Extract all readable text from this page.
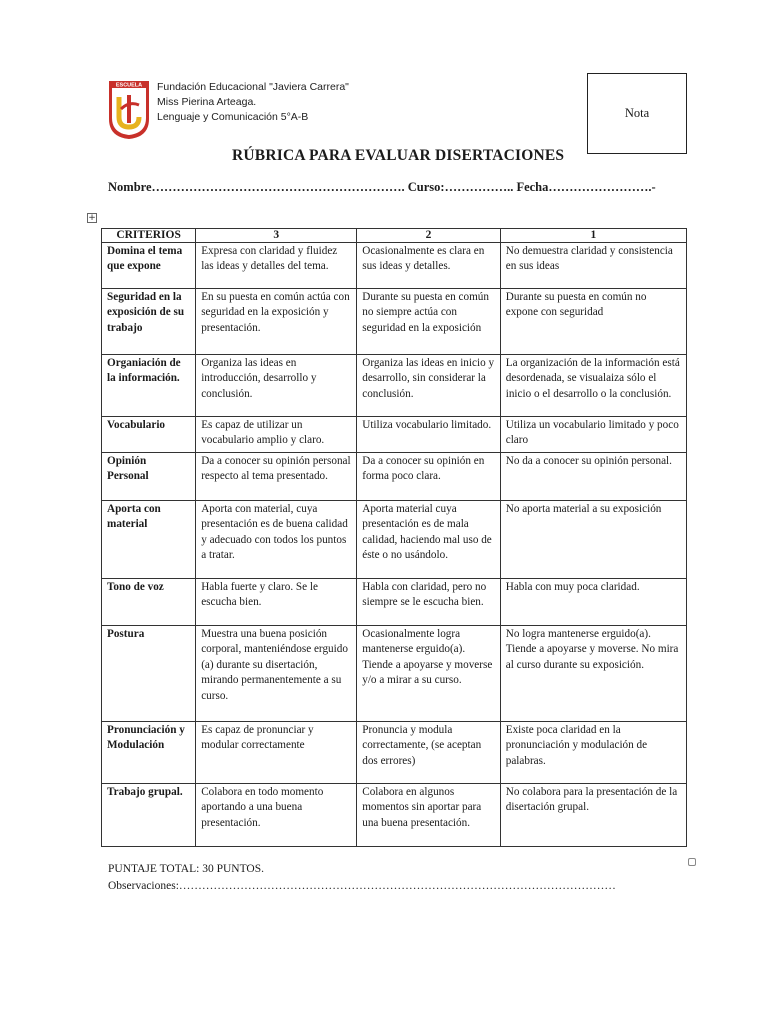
ESCUELA Fundación Educacional "Javiera Carrera"
Miss Pierina Arteaga.
Lenguaje y Comunicación 5°A-B	Nota
RÚBRICA PARA EVALUAR DISERTACIONES
Nombre……………………………………………………. Curso:…………….. Fecha…………………….-
+
CRITERIOS	3	2	1
Domina el tema que expone	Expresa con claridad y fluidez las ideas y detalles del tema.	Ocasionalmente es clara en sus ideas y detalles.	No demuestra claridad y consistencia en sus ideas
Seguridad en la exposición de su trabajo	En su puesta en común actúa con seguridad en la exposición y presentación.	Durante su puesta en común no siempre actúa con seguridad en la exposición	Durante su puesta en común no expone con seguridad
Organiación de la información.	Organiza las ideas en introducción, desarrollo y conclusión.	Organiza las ideas en inicio y desarrollo, sin considerar la conclusión.	La organización de la información está desordenada, se visualaiza sólo el inicio o el desarrollo o la conclusión.
Vocabulario	Es capaz de utilizar un vocabulario amplio y claro.	Utiliza vocabulario limitado.	Utiliza un vocabulario limitado y poco claro
Opinión Personal	Da a conocer su opinión personal respecto al tema presentado.	Da a conocer su opinión en forma poco clara.	No da a conocer su opinión personal.
Aporta con material	Aporta con material, cuya presentación es de buena calidad y adecuado con todos los puntos a tratar.	Aporta material cuya presentación es de mala calidad, haciendo mal uso de éste o no usándolo.	No aporta material a su exposición
Tono de voz	Habla fuerte y claro. Se le escucha bien.	Habla con claridad, pero no siempre se le escucha bien.	Habla con muy poca claridad.
Postura	Muestra una buena posición corporal, manteniéndose erguido (a) durante su disertación, mirando permanentemente a su curso.	Ocasionalmente logra mantenerse erguido(a). Tiende a apoyarse y moverse y/o a mirar a su curso.	No logra mantenerse erguido(a). Tiende a apoyarse y moverse. No mira al curso durante su exposición.
Pronunciación y Modulación	Es capaz de pronunciar y modular correctamente	Pronuncia y modula correctamente, (se aceptan dos errores)	Existe poca claridad en la pronunciación y modulación de palabras.
Trabajo grupal.	Colabora en todo momento aportando a una buena presentación.	Colabora en algunos momentos sin aportar para una buena presentación.	No colabora para la presentación de la disertación grupal.
PUNTAJE TOTAL: 30 PUNTOS.
Observaciones:……………………………………………………………………………………………………
